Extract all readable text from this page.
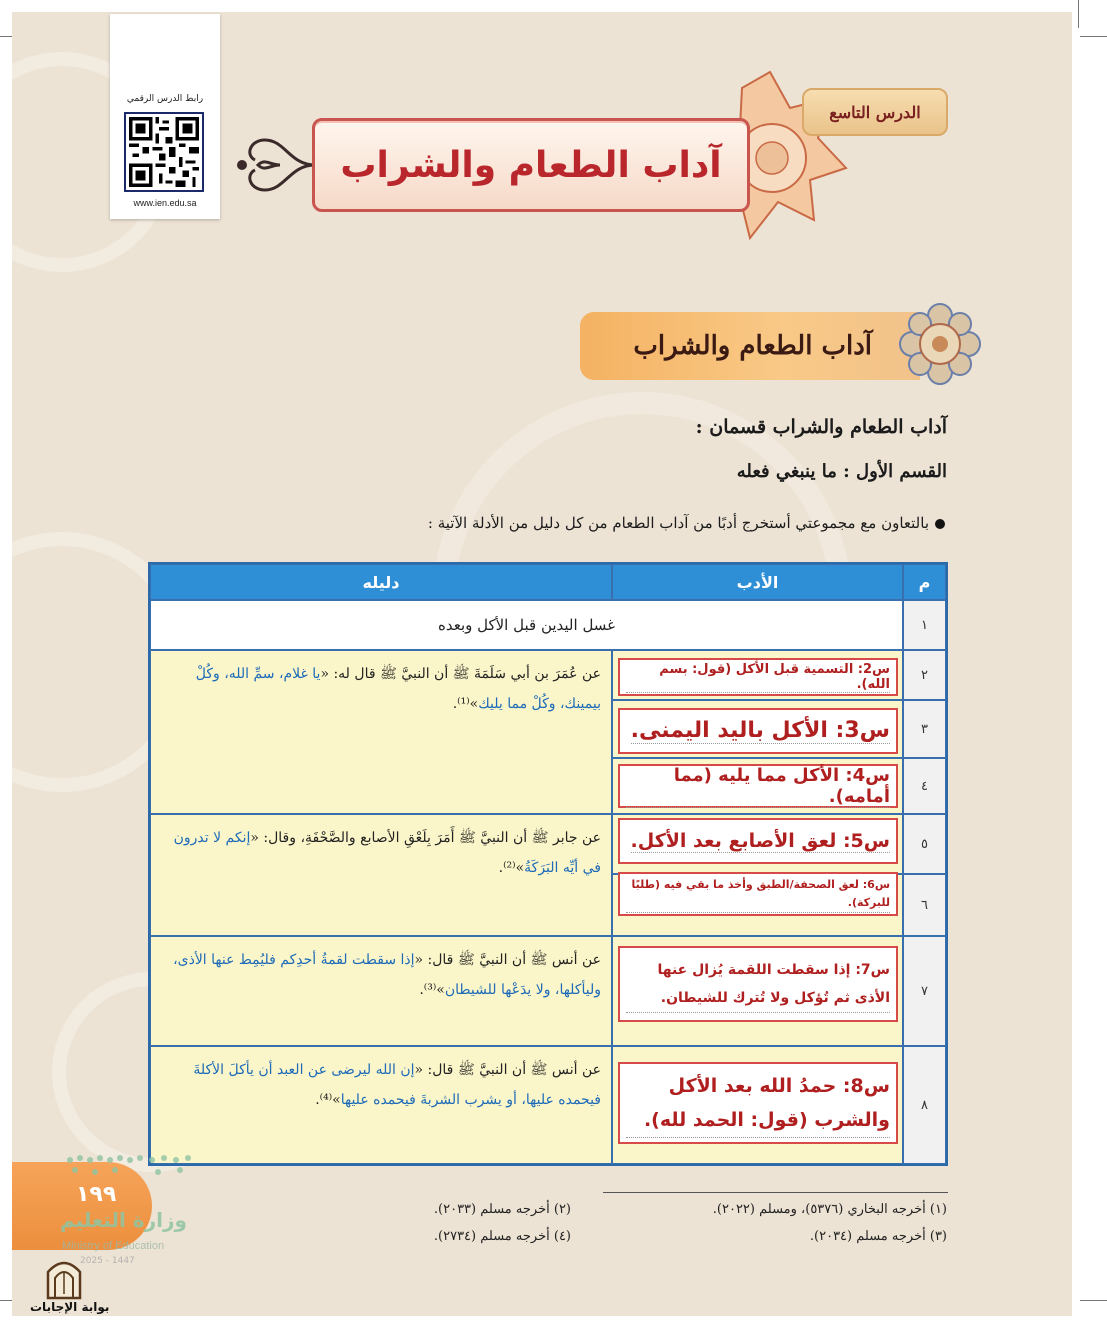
رابط الدرس الرقمي
www.ien.edu.sa
الدرس التاسع
آداب الطعام والشراب
آداب الطعام والشراب
آداب الطعام والشراب قسمان :
القسم الأول : ما ينبغي فعله
بالتعاون مع مجموعتي أستخرج أدبًا من آداب الطعام من كل دليل من الأدلة الآتية :
م
الأدب
دليله
١
٢
٣
٤
٥
٦
٧
٨
غسل اليدين قبل الأكل وبعده
عن عُمَرَ بن أبي سَلَمَةَ ﷺ أن النبيَّ ﷺ قال له: «يا غلام، سمِّ الله، وكُلْ بيمينك، وكُلْ مما يليك»⁽¹⁾.
عن جابر ﷺ أن النبيَّ ﷺ أَمَرَ بِلَعْقِ الأصابع والصَّحْفَةِ، وقال: «إنكم لا تدرون في أيِّه البَرَكَةُ»⁽²⁾.
عن أنس ﷺ أن النبيَّ ﷺ قال: «إذا سقطت لقمةُ أحدِكم فليُمِط عنها الأذى، وليأكلها، ولا يدَعْها للشيطان»⁽³⁾.
عن أنس ﷺ أن النبيَّ ﷺ قال: «إن الله ليرضى عن العبد أن يأكلَ الأكلةَ فيحمده عليها، أو يشرب الشربةَ فيحمده عليها»⁽⁴⁾.
س2: التسمية قبل الأكل (قول: بسم الله).
س3: الأكل باليد اليمنى.
س4: الأكل مما يليه (مما أمامه).
س5: لعق الأصابع بعد الأكل.
س6: لعق الصحفة/الطبق وأخذ ما بقي فيه (طلبًا للبركة).
س7: إذا سقطت اللقمة يُزال عنها الأذى ثم تُؤكل ولا تُترك للشيطان.
س8: حمدُ الله بعد الأكل والشرب (قول: الحمد لله).
(١) أخرجه البخاري (٥٣٧٦)، ومسلم (٢٠٢٢).
(٢) أخرجه مسلم (٢٠٣٣).
(٣) أخرجه مسلم (٢٠٣٤).
(٤) أخرجه مسلم (٢٧٣٤).
١٩٩
وزارة التعليم
Ministry of Education
2025 - 1447
بوابة الإجابات
